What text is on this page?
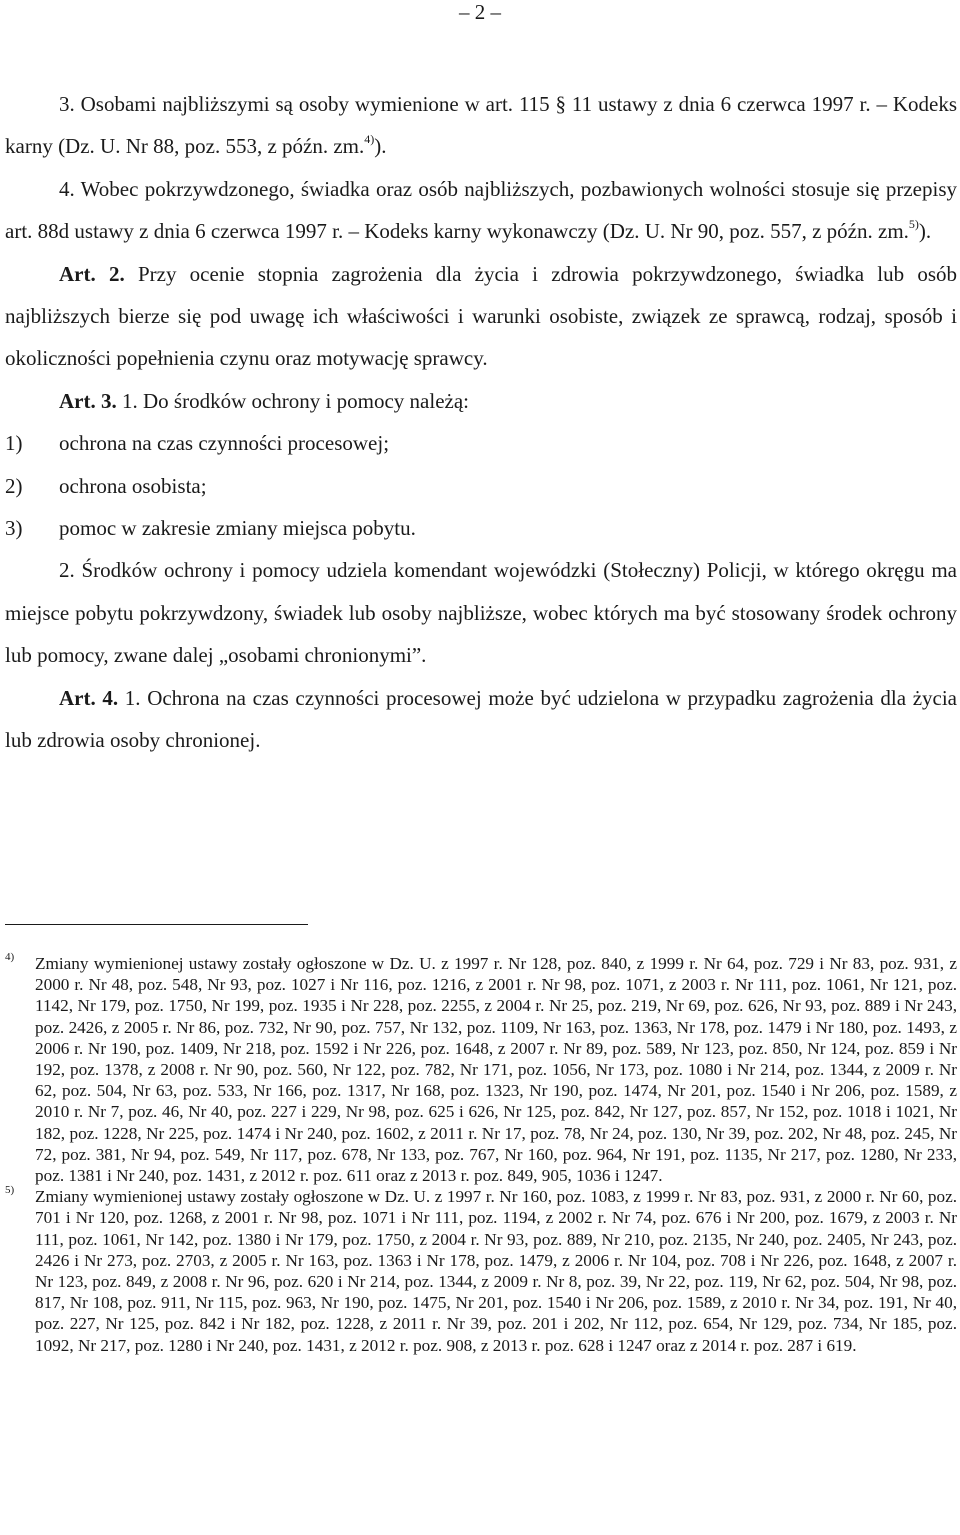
– 2 –

3. Osobami najbliższymi są osoby wymienione w art. 115 § 11 ustawy z dnia 6 czerwca 1997 r. – Kodeks karny (Dz. U. Nr 88, poz. 553, z późn. zm.$^{4)}$).

4. Wobec pokrzywdzonego, świadka oraz osób najbliższych, pozbawionych wolności stosuje się przepisy art. 88d ustawy z dnia 6 czerwca 1997 r. – Kodeks karny wykonawczy (Dz. U. Nr 90, poz. 557, z późn. zm.$^{5)}$).

Art. 2. Przy ocenie stopnia zagrożenia dla życia i zdrowia pokrzywdzonego, świadka lub osób najbliższych bierze się pod uwagę ich właściwości i warunki osobiste, związek ze sprawcą, rodzaj, sposób i okoliczności popełnienia czynu oraz motywację sprawcy.

Art. 3. 1. Do środków ochrony i pomocy należą:

1)	ochrona na czas czynności procesowej;
2)	ochrona osobista;
3)	pomoc w zakresie zmiany miejsca pobytu.

2. Środków ochrony i pomocy udziela komendant wojewódzki (Stołeczny) Policji, w którego okręgu ma miejsce pobytu pokrzywdzony, świadek lub osoby najbliższe, wobec których ma być stosowany środek ochrony lub pomocy, zwane dalej „osobami chronionymi”.

Art. 4. 1. Ochrona na czas czynności procesowej może być udzielona w przypadku zagrożenia dla życia lub zdrowia osoby chronionej.

4)	Zmiany wymienionej ustawy zostały ogłoszone w Dz. U. z 1997 r. Nr 128, poz. 840, z 1999 r. Nr 64, poz. 729 i Nr 83, poz. 931, z 2000 r. Nr 48, poz. 548, Nr 93, poz. 1027 i Nr 116, poz. 1216, z 2001 r. Nr 98, poz. 1071, z 2003 r. Nr 111, poz. 1061, Nr 121, poz. 1142, Nr 179, poz. 1750, Nr 199, poz. 1935 i Nr 228, poz. 2255, z 2004 r. Nr 25, poz. 219, Nr 69, poz. 626, Nr 93, poz. 889 i Nr 243, poz. 2426, z 2005 r. Nr 86, poz. 732, Nr 90, poz. 757, Nr 132, poz. 1109, Nr 163, poz. 1363, Nr 178, poz. 1479 i Nr 180, poz. 1493, z 2006 r. Nr 190, poz. 1409, Nr 218, poz. 1592 i Nr 226, poz. 1648, z 2007 r. Nr 89, poz. 589, Nr 123, poz. 850, Nr 124, poz. 859 i Nr 192, poz. 1378, z 2008 r. Nr 90, poz. 560, Nr 122, poz. 782, Nr 171, poz. 1056, Nr 173, poz. 1080 i Nr 214, poz. 1344, z 2009 r. Nr 62, poz. 504, Nr 63, poz. 533, Nr 166, poz. 1317, Nr 168, poz. 1323, Nr 190, poz. 1474, Nr 201, poz. 1540 i Nr 206, poz. 1589, z 2010 r. Nr 7, poz. 46, Nr 40, poz. 227 i 229, Nr 98, poz. 625 i 626, Nr 125, poz. 842, Nr 127, poz. 857, Nr 152, poz. 1018 i 1021, Nr 182, poz. 1228, Nr 225, poz. 1474 i Nr 240, poz. 1602, z 2011 r. Nr 17, poz. 78, Nr 24, poz. 130, Nr 39, poz. 202, Nr 48, poz. 245, Nr 72, poz. 381, Nr 94, poz. 549, Nr 117, poz. 678, Nr 133, poz. 767, Nr 160, poz. 964, Nr 191, poz. 1135, Nr 217, poz. 1280, Nr 233, poz. 1381 i Nr 240, poz. 1431, z 2012 r. poz. 611 oraz z 2013 r. poz. 849, 905, 1036 i 1247.
5)	Zmiany wymienionej ustawy zostały ogłoszone w Dz. U. z 1997 r. Nr 160, poz. 1083, z 1999 r. Nr 83, poz. 931, z 2000 r. Nr 60, poz. 701 i Nr 120, poz. 1268, z 2001 r. Nr 98, poz. 1071 i Nr 111, poz. 1194, z 2002 r. Nr 74, poz. 676 i Nr 200, poz. 1679, z 2003 r. Nr 111, poz. 1061, Nr 142, poz. 1380 i Nr 179, poz. 1750, z 2004 r. Nr 93, poz. 889, Nr 210, poz. 2135, Nr 240, poz. 2405, Nr 243, poz. 2426 i Nr 273, poz. 2703, z 2005 r. Nr 163, poz. 1363 i Nr 178, poz. 1479, z 2006 r. Nr 104, poz. 708 i Nr 226, poz. 1648, z 2007 r. Nr 123, poz. 849, z 2008 r. Nr 96, poz. 620 i Nr 214, poz. 1344, z 2009 r. Nr 8, poz. 39, Nr 22, poz. 119, Nr 62, poz. 504, Nr 98, poz. 817, Nr 108, poz. 911, Nr 115, poz. 963, Nr 190, poz. 1475, Nr 201, poz. 1540 i Nr 206, poz. 1589, z 2010 r. Nr 34, poz. 191, Nr 40, poz. 227, Nr 125, poz. 842 i Nr 182, poz. 1228, z 2011 r. Nr 39, poz. 201 i 202, Nr 112, poz. 654, Nr 129, poz. 734, Nr 185, poz. 1092, Nr 217, poz. 1280 i Nr 240, poz. 1431, z 2012 r. poz. 908, z 2013 r. poz. 628 i 1247 oraz z 2014 r. poz. 287 i 619.
